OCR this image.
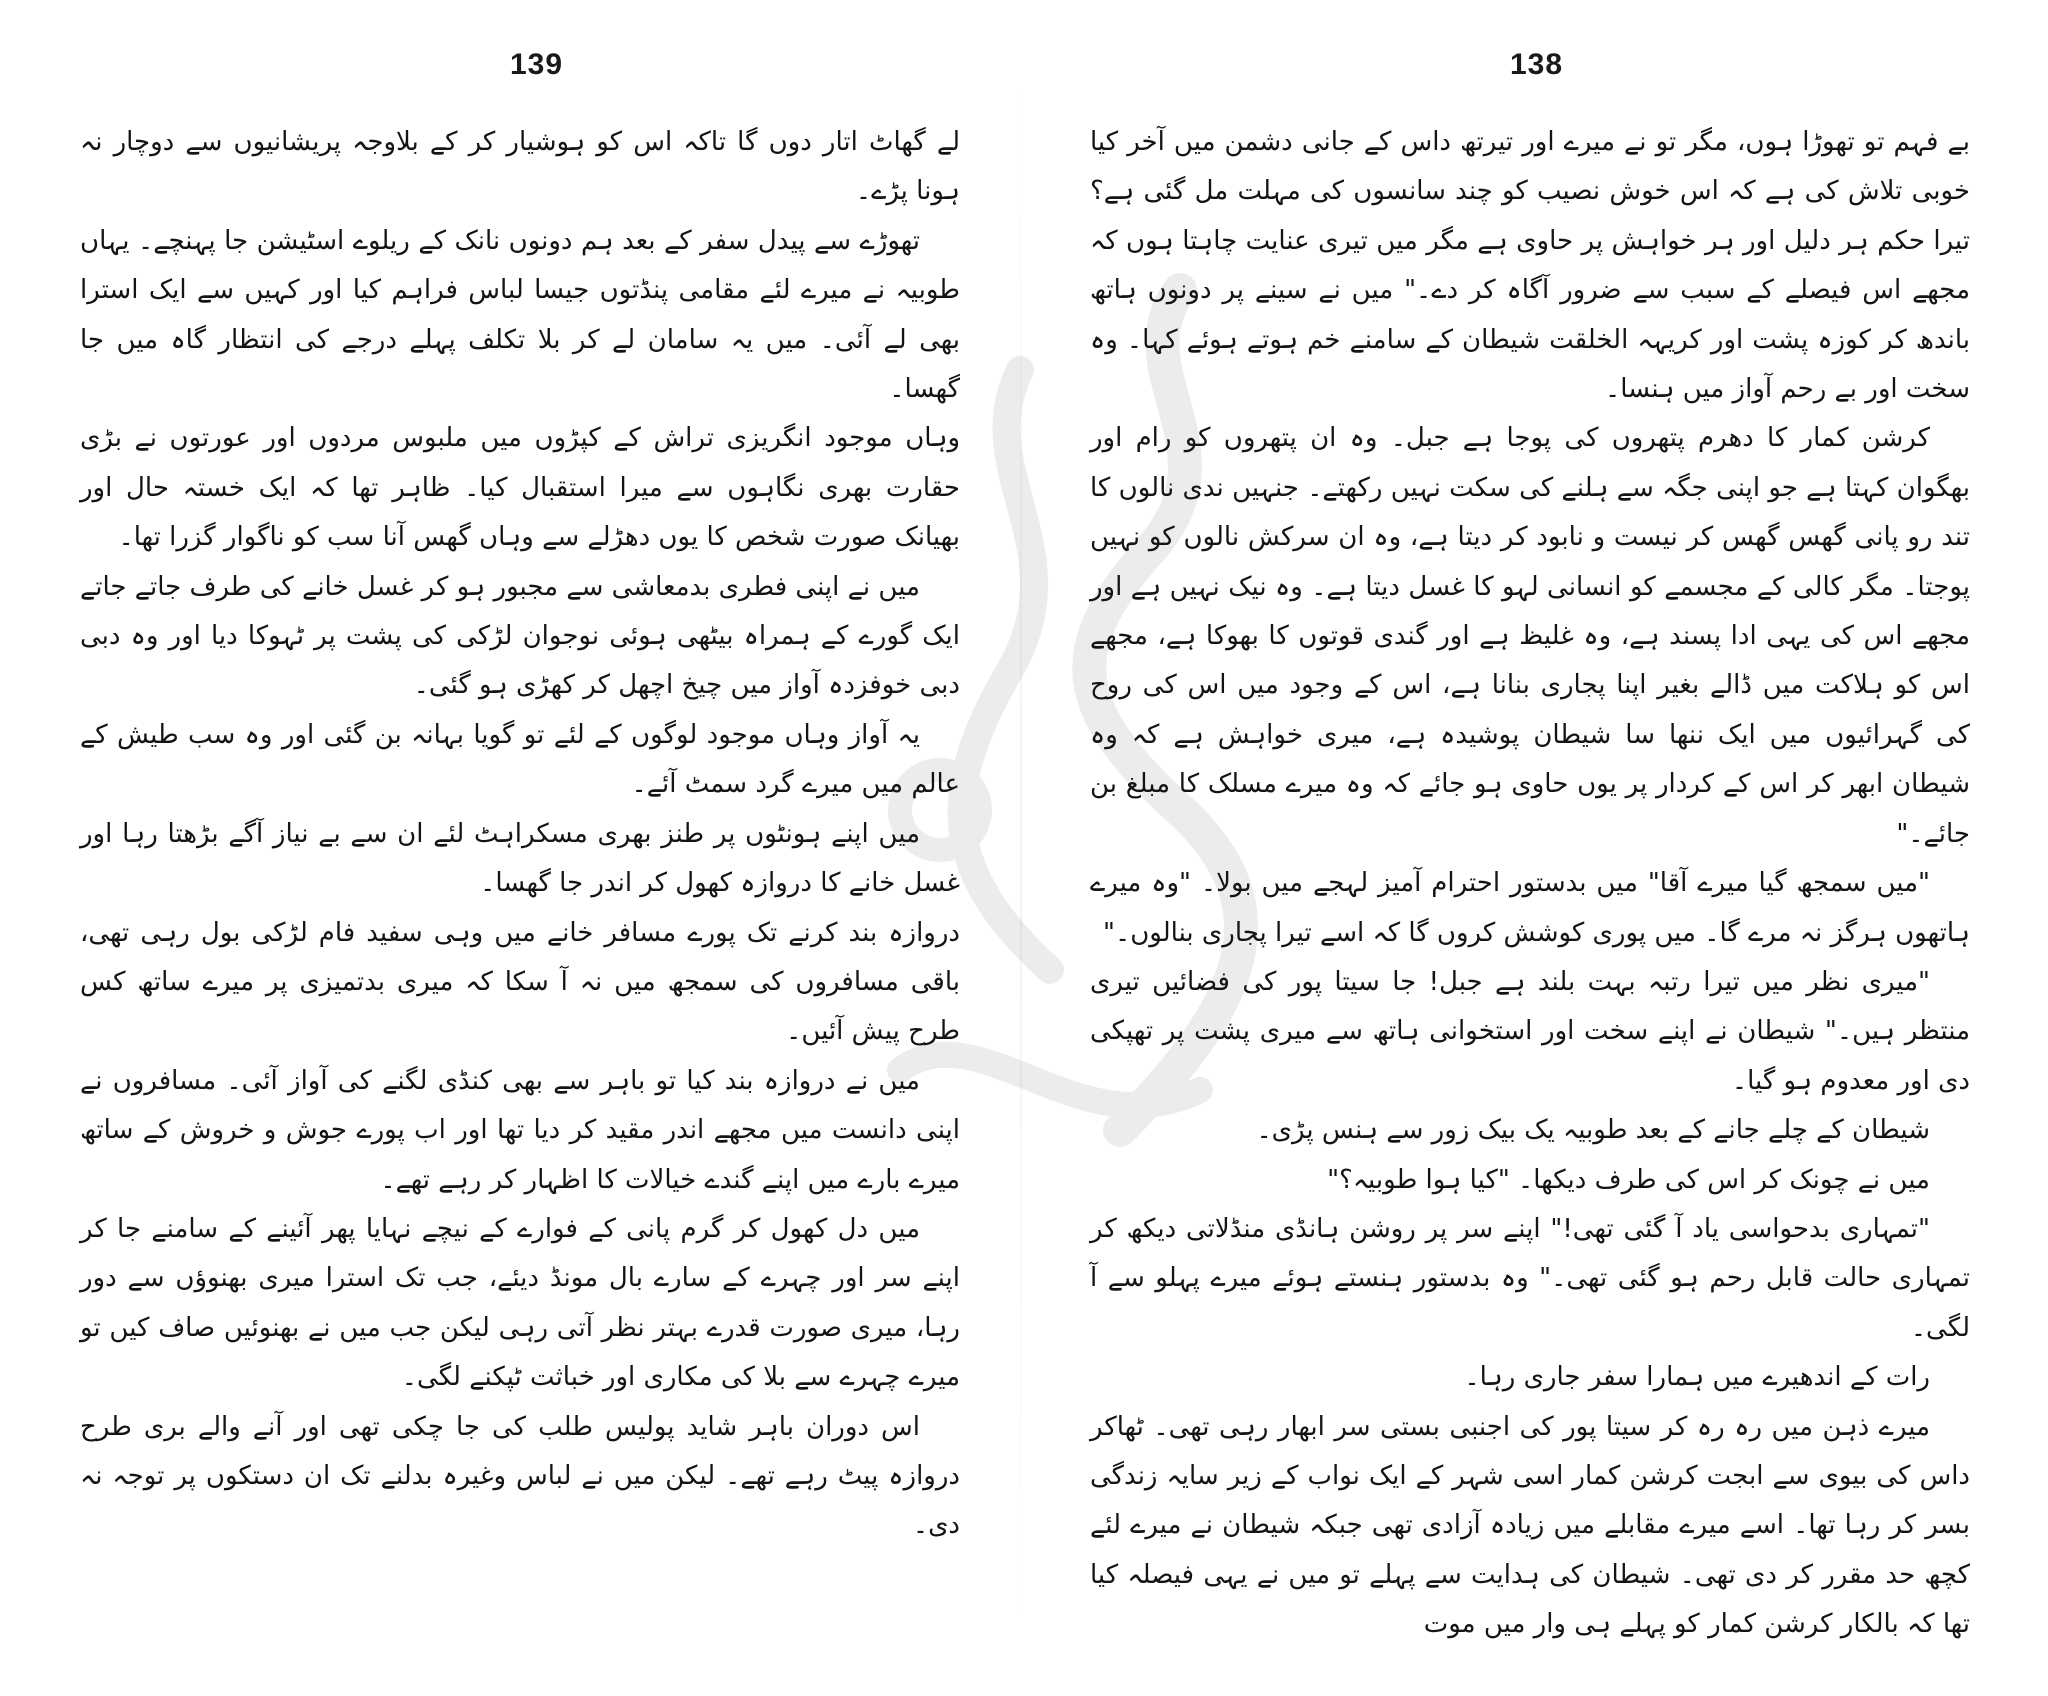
139

لے گھاٹ اتار دوں گا تاکہ اس کو ہوشیار کر کے بلاوجہ پریشانیوں سے دوچار نہ ہونا پڑے۔

تھوڑے سے پیدل سفر کے بعد ہم دونوں نانک کے ریلوے اسٹیشن جا پہنچے۔ یہاں طوبیہ نے میرے لئے مقامی پنڈتوں جیسا لباس فراہم کیا اور کہیں سے ایک استرا بھی لے آئی۔ میں یہ سامان لے کر بلا تکلف پہلے درجے کی انتظار گاہ میں جا گھسا۔

وہاں موجود انگریزی تراش کے کپڑوں میں ملبوس مردوں اور عورتوں نے بڑی حقارت بھری نگاہوں سے میرا استقبال کیا۔ ظاہر تھا کہ ایک خستہ حال اور بھیانک صورت شخص کا یوں دھڑلے سے وہاں گھس آنا سب کو ناگوار گزرا تھا۔

میں نے اپنی فطری بدمعاشی سے مجبور ہو کر غسل خانے کی طرف جاتے جاتے ایک گورے کے ہمراہ بیٹھی ہوئی نوجوان لڑکی کی پشت پر ٹہوکا دیا اور وہ دبی دبی خوفزدہ آواز میں چیخ اچھل کر کھڑی ہو گئی۔

یہ آواز وہاں موجود لوگوں کے لئے تو گویا بہانہ بن گئی اور وہ سب طیش کے عالم میں میرے گرد سمٹ آئے۔

میں اپنے ہونٹوں پر طنز بھری مسکراہٹ لئے ان سے بے نیاز آگے بڑھتا رہا اور غسل خانے کا دروازہ کھول کر اندر جا گھسا۔

دروازہ بند کرنے تک پورے مسافر خانے میں وہی سفید فام لڑکی بول رہی تھی، باقی مسافروں کی سمجھ میں نہ آ سکا کہ میری بدتمیزی پر میرے ساتھ کس طرح پیش آئیں۔

میں نے دروازہ بند کیا تو باہر سے بھی کنڈی لگنے کی آواز آئی۔ مسافروں نے اپنی دانست میں مجھے اندر مقید کر دیا تھا اور اب پورے جوش و خروش کے ساتھ میرے بارے میں اپنے گندے خیالات کا اظہار کر رہے تھے۔

میں دل کھول کر گرم پانی کے فوارے کے نیچے نہایا پھر آئینے کے سامنے جا کر اپنے سر اور چہرے کے سارے بال مونڈ دیئے، جب تک استرا میری بھنوؤں سے دور رہا، میری صورت قدرے بہتر نظر آتی رہی لیکن جب میں نے بھنوئیں صاف کیں تو میرے چہرے سے بلا کی مکاری اور خباثت ٹپکنے لگی۔

اس دوران باہر شاید پولیس طلب کی جا چکی تھی اور آنے والے بری طرح دروازہ پیٹ رہے تھے۔ لیکن میں نے لباس وغیرہ بدلنے تک ان دستکوں پر توجہ نہ دی۔

138

بے فہم تو تھوڑا ہوں، مگر تو نے میرے اور تیرتھ داس کے جانی دشمن میں آخر کیا خوبی تلاش کی ہے کہ اس خوش نصیب کو چند سانسوں کی مہلت مل گئی ہے؟ تیرا حکم ہر دلیل اور ہر خواہش پر حاوی ہے مگر میں تیری عنایت چاہتا ہوں کہ مجھے اس فیصلے کے سبب سے ضرور آگاہ کر دے۔" میں نے سینے پر دونوں ہاتھ باندھ کر کوزہ پشت اور کریہہ الخلقت شیطان کے سامنے خم ہوتے ہوئے کہا۔ وہ سخت اور بے رحم آواز میں ہنسا۔

کرشن کمار کا دھرم پتھروں کی پوجا ہے جبل۔ وہ ان پتھروں کو رام اور بھگوان کہتا ہے جو اپنی جگہ سے ہلنے کی سکت نہیں رکھتے۔ جنہیں ندی نالوں کا تند رو پانی گھس گھس کر نیست و نابود کر دیتا ہے، وہ ان سرکش نالوں کو نہیں پوجتا۔ مگر کالی کے مجسمے کو انسانی لہو کا غسل دیتا ہے۔ وہ نیک نہیں ہے اور مجھے اس کی یہی ادا پسند ہے، وہ غلیظ ہے اور گندی قوتوں کا بھوکا ہے، مجھے اس کو ہلاکت میں ڈالے بغیر اپنا پجاری بنانا ہے، اس کے وجود میں اس کی روح کی گہرائیوں میں ایک ننھا سا شیطان پوشیدہ ہے، میری خواہش ہے کہ وہ شیطان ابھر کر اس کے کردار پر یوں حاوی ہو جائے کہ وہ میرے مسلک کا مبلغ بن جائے۔"

"میں سمجھ گیا میرے آقا" میں بدستور احترام آمیز لہجے میں بولا۔ "وہ میرے ہاتھوں ہرگز نہ مرے گا۔ میں پوری کوشش کروں گا کہ اسے تیرا پجاری بنالوں۔"

"میری نظر میں تیرا رتبہ بہت بلند ہے جبل! جا سیتا پور کی فضائیں تیری منتظر ہیں۔" شیطان نے اپنے سخت اور استخوانی ہاتھ سے میری پشت پر تھپکی دی اور معدوم ہو گیا۔

شیطان کے چلے جانے کے بعد طوبیہ یک بیک زور سے ہنس پڑی۔

میں نے چونک کر اس کی طرف دیکھا۔ "کیا ہوا طوبیہ؟"

"تمہاری بدحواسی یاد آ گئی تھی!" اپنے سر پر روشن ہانڈی منڈلاتی دیکھ کر تمہاری حالت قابل رحم ہو گئی تھی۔" وہ بدستور ہنستے ہوئے میرے پہلو سے آ لگی۔

رات کے اندھیرے میں ہمارا سفر جاری رہا۔

میرے ذہن میں رہ رہ کر سیتا پور کی اجنبی بستی سر ابھار رہی تھی۔ ٹھاکر داس کی بیوی سے ابجت کرشن کمار اسی شہر کے ایک نواب کے زیر سایہ زندگی بسر کر رہا تھا۔ اسے میرے مقابلے میں زیادہ آزادی تھی جبکہ شیطان نے میرے لئے کچھ حد مقرر کر دی تھی۔ شیطان کی ہدایت سے پہلے تو میں نے یہی فیصلہ کیا تھا کہ بالکار کرشن کمار کو پہلے ہی وار میں موت
